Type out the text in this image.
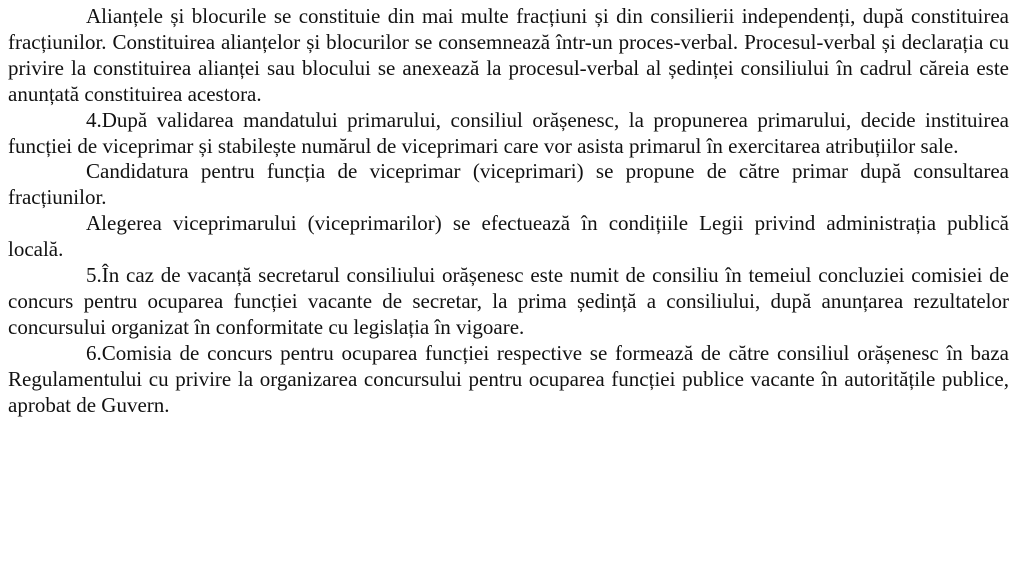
Alianțele și blocurile se constituie din mai multe fracțiuni și din consilierii independenți, după constituirea fracțiunilor. Constituirea alianțelor și blocurilor se consemnează într-un proces-verbal. Procesul-verbal și declarația cu privire la constituirea alianței sau blocului se anexează la procesul-verbal al ședinței consiliului în cadrul căreia este anunțată constituirea acestora.

4.După validarea mandatului primarului, consiliul orășenesc, la propunerea primarului, decide instituirea funcției de viceprimar și stabilește numărul de viceprimari care vor asista primarul în exercitarea atribuțiilor sale.

Candidatura pentru funcția de viceprimar (viceprimari) se propune de către primar după consultarea fracțiunilor.

Alegerea viceprimarului (viceprimarilor) se efectuează în condițiile Legii privind administrația publică locală.

5.În caz de vacanță secretarul consiliului orășenesc este numit de consiliu în temeiul concluziei comisiei de concurs pentru ocuparea funcției vacante de secretar, la prima ședință a consiliului, după anunțarea rezultatelor concursului organizat în conformitate cu legislația în vigoare.

6.Comisia de concurs pentru ocuparea funcției respective se formează de către consiliul orășenesc în baza Regulamentului cu privire la organizarea concursului pentru ocuparea funcției publice vacante în autoritățile publice, aprobat de Guvern.
